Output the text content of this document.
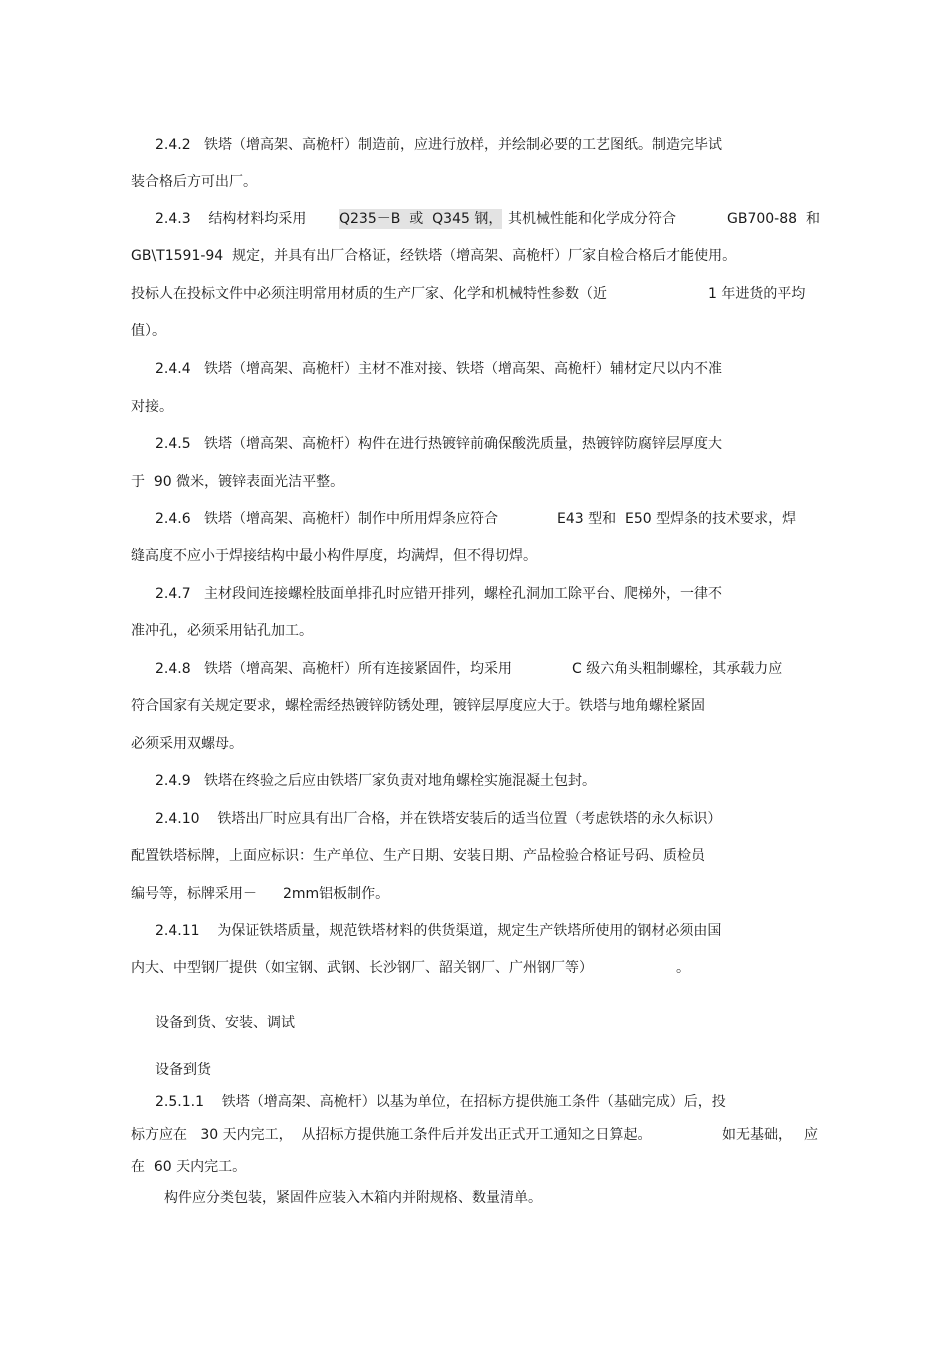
2.4.2   铁塔（增高架、高桅杆）制造前，应进行放样，并绘制必要的工艺图纸。制造完毕试
装合格后方可出厂。
2.4.3    结构材料均采用 Q235－B  或  Q345 钢， 其机械性能和化学成分符合	GB700-88  和
GB\T1591-94  规定，并具有出厂合格证，经铁塔（增高架、高桅杆）厂家自检合格后才能使用。
投标人在投标文件中必须注明常用材质的生产厂家、化学和机械特性参数（近	1 年进货的平均
值）。
2.4.4   铁塔（增高架、高桅杆）主材不准对接、铁塔（增高架、高桅杆）辅材定尺以内不准
对接。
2.4.5   铁塔（增高架、高桅杆）构件在进行热镀锌前确保酸洗质量，热镀锌防腐锌层厚度大
于  90 微米，镀锌表面光洁平整。
2.4.6   铁塔（增高架、高桅杆）制作中所用焊条应符合	E43 型和  E50 型焊条的技术要求，焊
缝高度不应小于焊接结构中最小构件厚度，均满焊，但不得切焊。
2.4.7   主材段间连接螺栓肢面单排孔时应错开排列，螺栓孔洞加工除平台、爬梯外，一律不
准冲孔，必须采用钻孔加工。
2.4.8   铁塔（增高架、高桅杆）所有连接紧固件，均采用	C 级六角头粗制螺栓，其承载力应
符合国家有关规定要求，螺栓需经热镀锌防锈处理，镀锌层厚度应大于。铁塔与地角螺栓紧固
必须采用双螺母。
2.4.9   铁塔在终验之后应由铁塔厂家负责对地角螺栓实施混凝土包封。
2.4.10    铁塔出厂时应具有出厂合格，并在铁塔安装后的适当位置（考虑铁塔的永久标识）
配置铁塔标牌，上面应标识：生产单位、生产日期、安装日期、产品检验合格证号码、质检员
编号等，标牌采用－ 2mm铝板制作。
2.4.11    为保证铁塔质量，规范铁塔材料的供货渠道，规定生产铁塔所使用的钢材必须由国
内大、中型钢厂提供（如宝钢、武钢、长沙钢厂、韶关钢厂、广州钢厂等）	。
设备到货、安装、调试
设备到货
2.5.1.1    铁塔（增高架、高桅杆）以基为单位，在招标方提供施工条件（基础完成）后，投
标方应在   30 天内完工，  从招标方提供施工条件后并发出正式开工通知之日算起。	如无基础， 应
在  60 天内完工。
构件应分类包装，紧固件应装入木箱内并附规格、数量清单。
